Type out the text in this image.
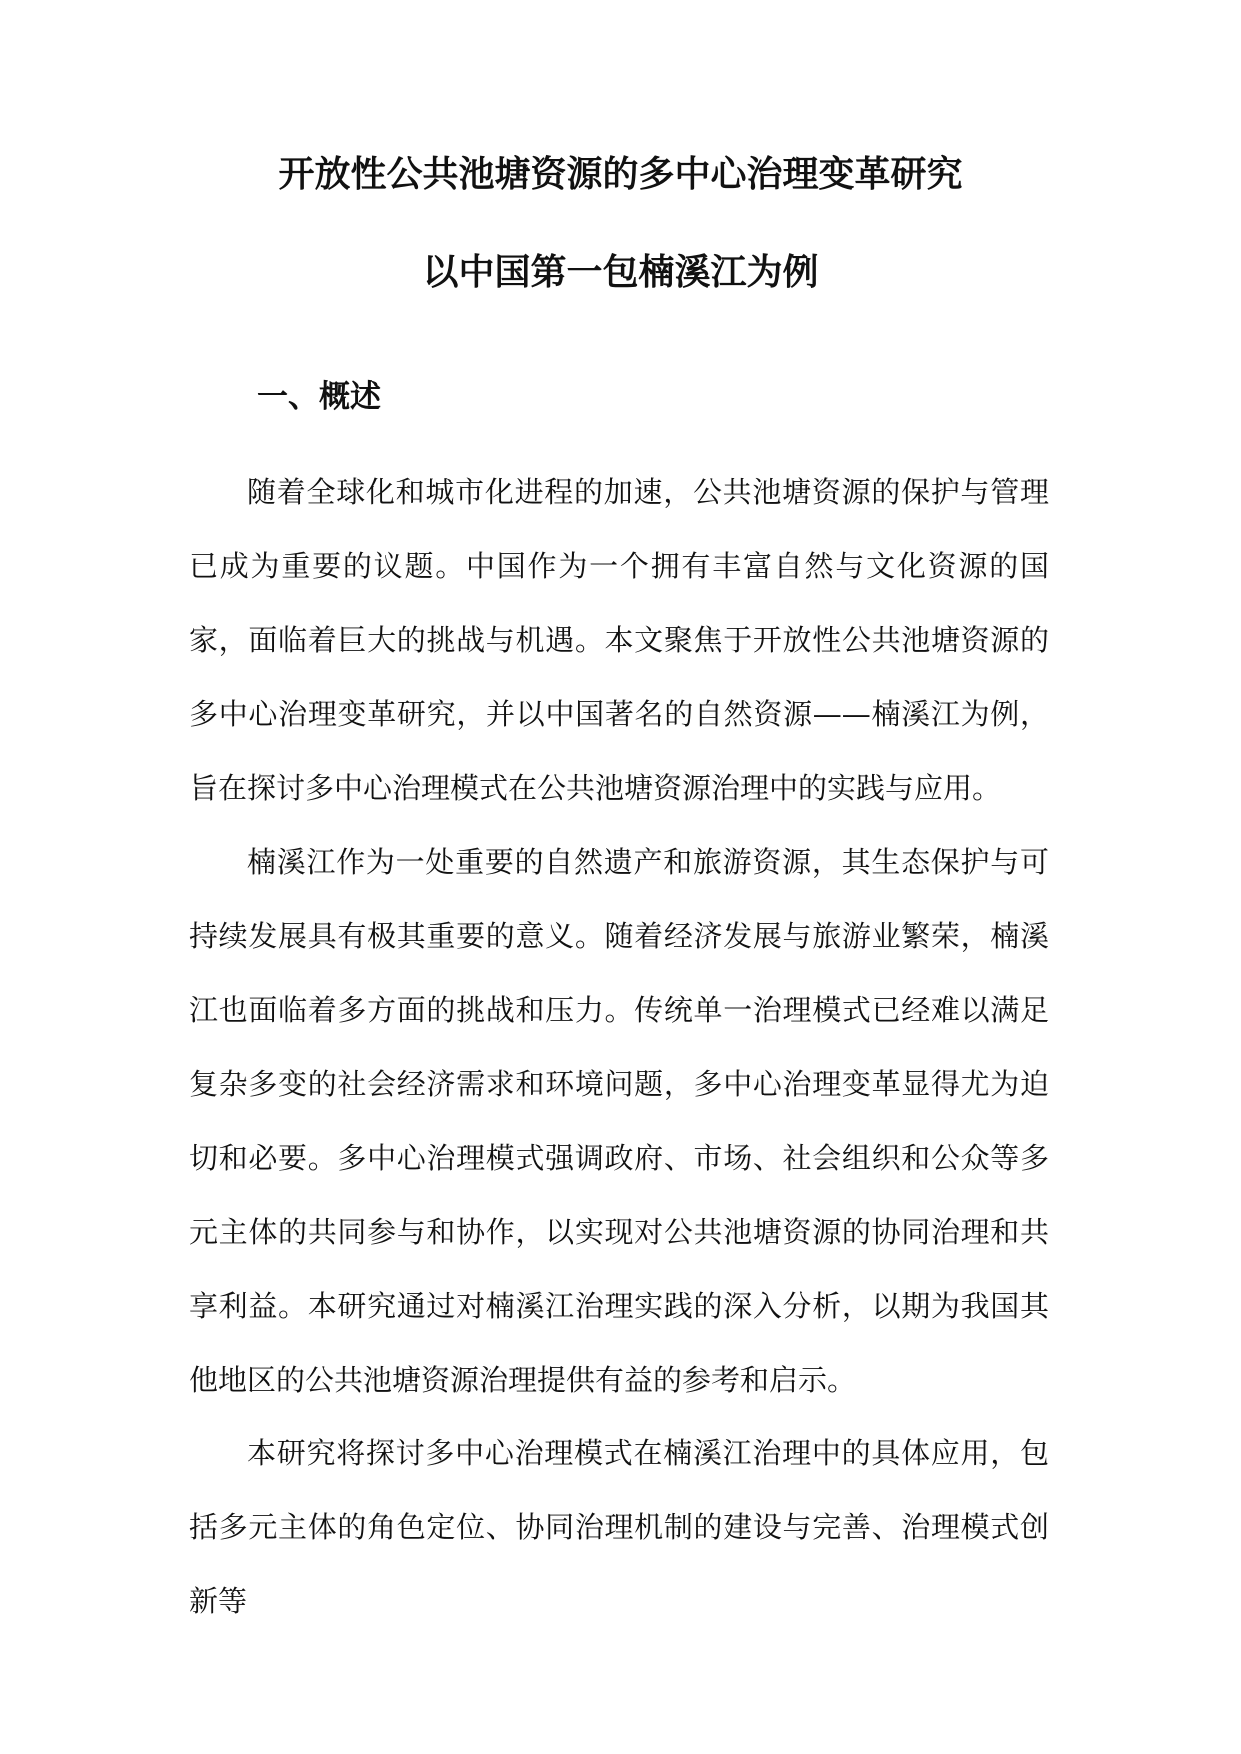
开放性公共池塘资源的多中心治理变革研究
以中国第一包楠溪江为例
一、概述

随着全球化和城市化进程的加速，公共池塘资源的保护与管理已成为重要的议题。中国作为一个拥有丰富自然与文化资源的国家，面临着巨大的挑战与机遇。本文聚焦于开放性公共池塘资源的多中心治理变革研究，并以中国著名的自然资源——楠溪江为例，旨在探讨多中心治理模式在公共池塘资源治理中的实践与应用。

楠溪江作为一处重要的自然遗产和旅游资源，其生态保护与可持续发展具有极其重要的意义。随着经济发展与旅游业繁荣，楠溪江也面临着多方面的挑战和压力。传统单一治理模式已经难以满足复杂多变的社会经济需求和环境问题，多中心治理变革显得尤为迫切和必要。多中心治理模式强调政府、市场、社会组织和公众等多元主体的共同参与和协作，以实现对公共池塘资源的协同治理和共享利益。本研究通过对楠溪江治理实践的深入分析，以期为我国其他地区的公共池塘资源治理提供有益的参考和启示。

本研究将探讨多中心治理模式在楠溪江治理中的具体应用，包括多元主体的角色定位、协同治理机制的建设与完善、治理模式创新等
